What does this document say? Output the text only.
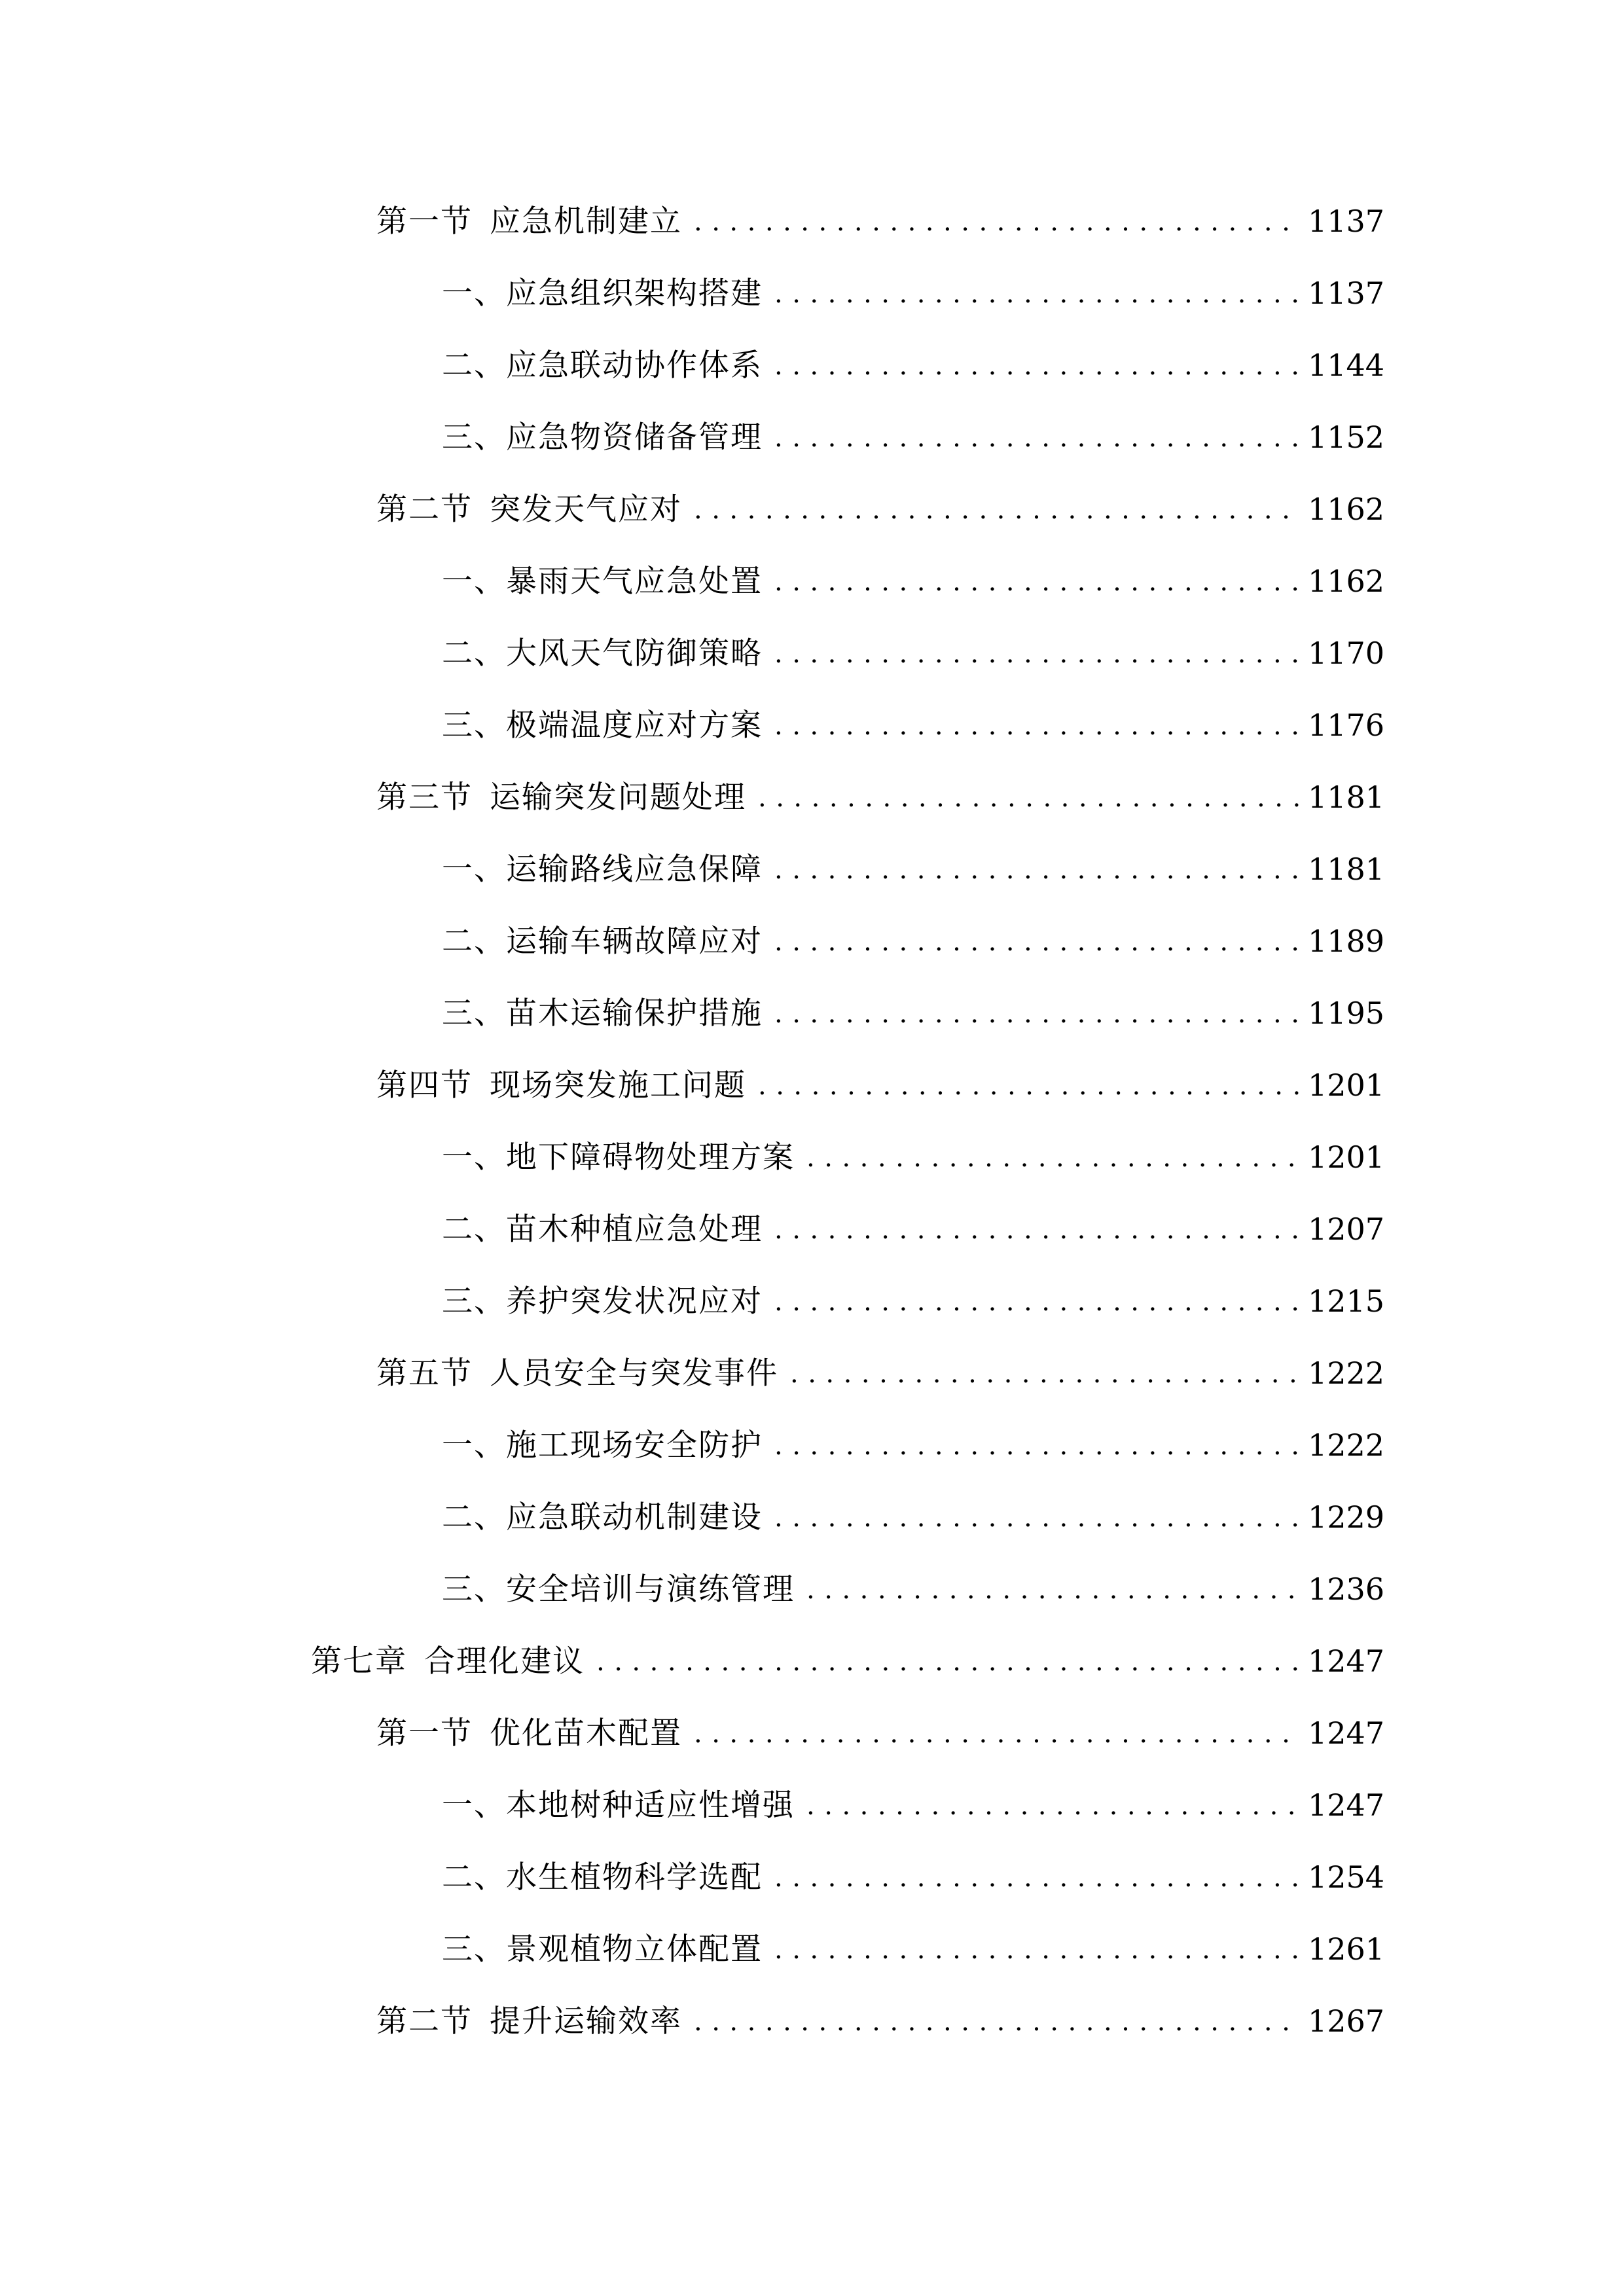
第一节 应急机制建立 .....	1137
一、 应急组织架构搭建 .....	1137
二、 应急联动协作体系 .....	1144
三、 应急物资储备管理 .....	1152
第二节 突发天气应对 .....	1162
一、 暴雨天气应急处置 .....	1162
二、 大风天气防御策略 .....	1170
三、 极端温度应对方案 .....	1176
第三节 运输突发问题处理 .....	1181
一、 运输路线应急保障 .....	1181
二、 运输车辆故障应对 .....	1189
三、 苗木运输保护措施 .....	1195
第四节 现场突发施工问题 .....	1201
一、 地下障碍物处理方案 .....	1201
二、 苗木种植应急处理 .....	1207
三、 养护突发状况应对 .....	1215
第五节 人员安全与突发事件 .....	1222
一、 施工现场安全防护 .....	1222
二、 应急联动机制建设 .....	1229
三、 安全培训与演练管理 .....	1236
第七章 合理化建议 .....	1247
第一节 优化苗木配置 .....	1247
一、 本地树种适应性增强 .....	1247
二、 水生植物科学选配 .....	1254
三、 景观植物立体配置 .....	1261
第二节 提升运输效率 .....	1267
